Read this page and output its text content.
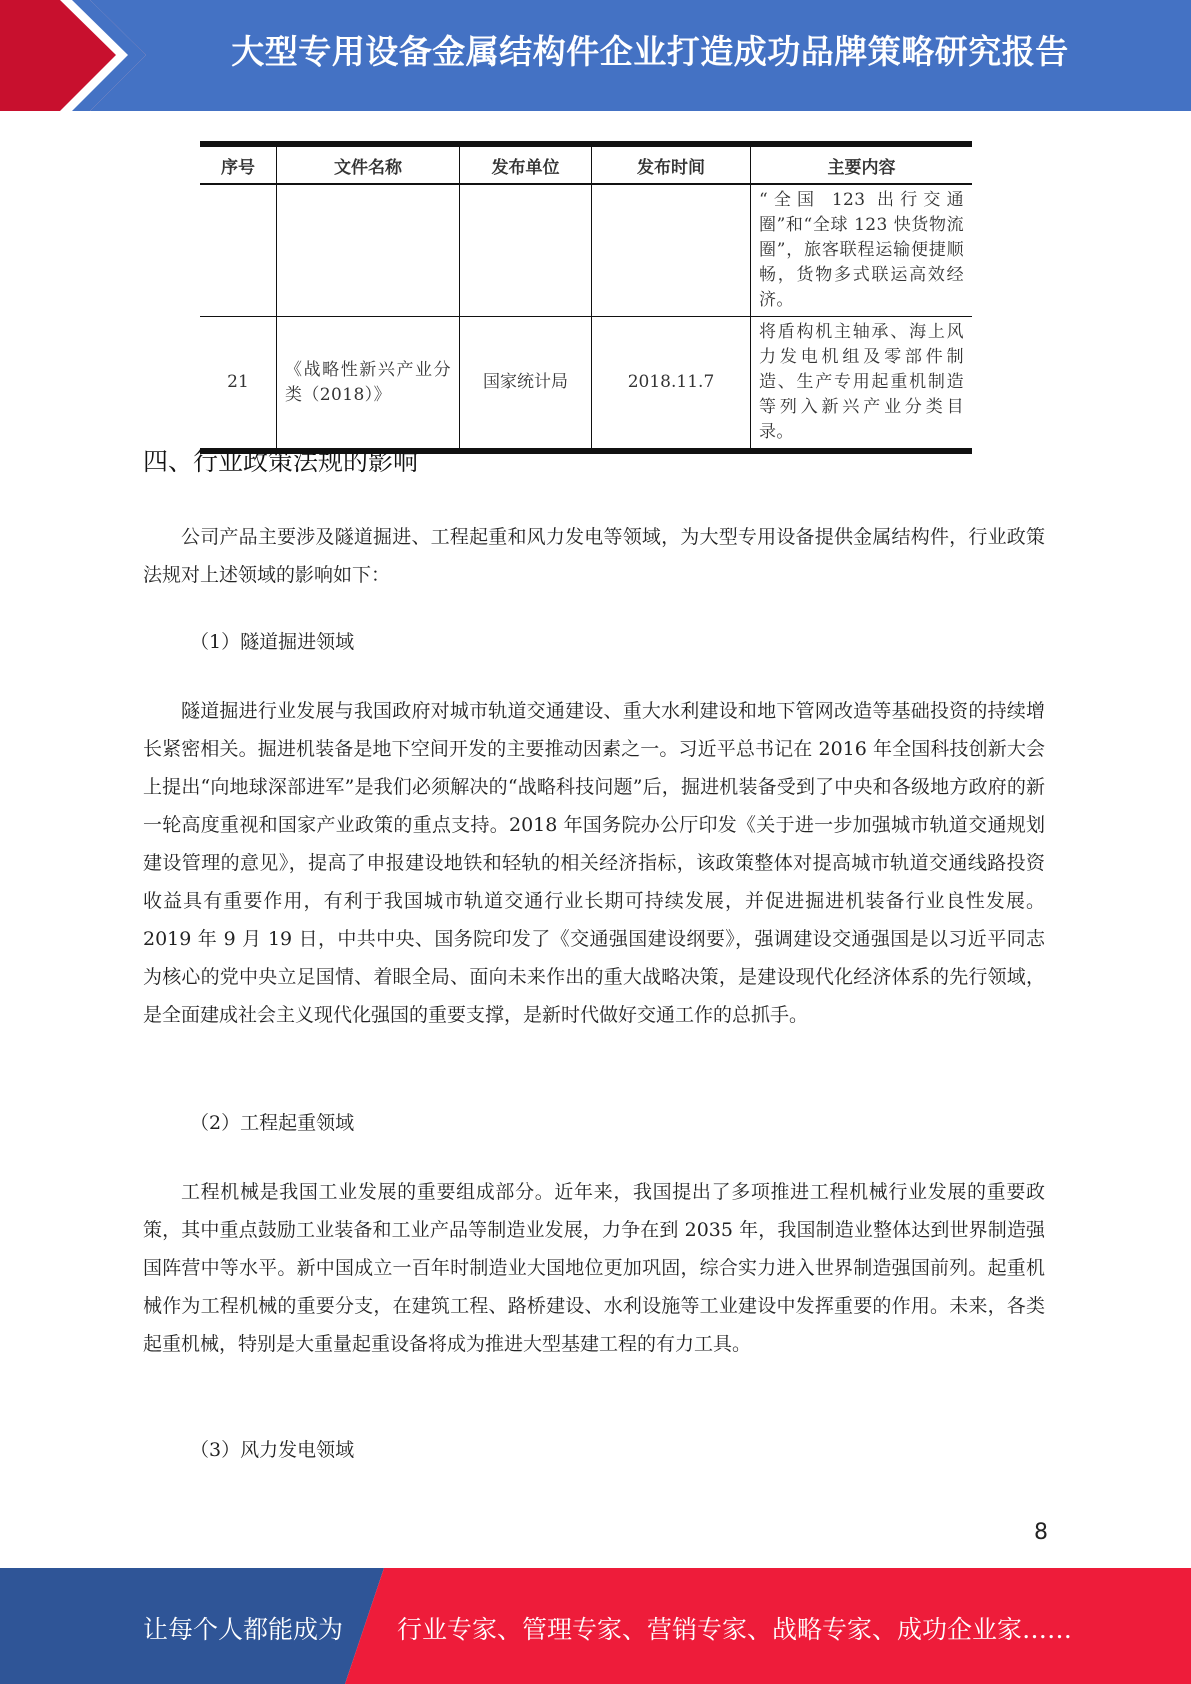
大型专用设备金属结构件企业打造成功品牌策略研究报告
序号	文件名称	发布单位	发布时间	主要内容
				“全国 123 出行交通圈”和“全球 123 快货物流圈”，旅客联程运输便捷顺畅，货物多式联运高效经济。
21	《战略性新兴产业分类（2018）》	国家统计局	2018.11.7	将盾构机主轴承、海上风力发电机组及零部件制造、生产专用起重机制造等列入新兴产业分类目录。
四、行业政策法规的影响

公司产品主要涉及隧道掘进、工程起重和风力发电等领域，为大型专用设备提供金属结构件，行业政策法规对上述领域的影响如下：

（1）隧道掘进领域

隧道掘进行业发展与我国政府对城市轨道交通建设、重大水利建设和地下管网改造等基础投资的持续增长紧密相关。掘进机装备是地下空间开发的主要推动因素之一。习近平总书记在 2016 年全国科技创新大会上提出“向地球深部进军”是我们必须解决的“战略科技问题”后，掘进机装备受到了中央和各级地方政府的新一轮高度重视和国家产业政策的重点支持。2018 年国务院办公厅印发《关于进一步加强城市轨道交通规划建设管理的意见》，提高了申报建设地铁和轻轨的相关经济指标，该政策整体对提高城市轨道交通线路投资收益具有重要作用，有利于我国城市轨道交通行业长期可持续发展，并促进掘进机装备行业良性发展。2019 年 9 月 19 日，中共中央、国务院印发了《交通强国建设纲要》，强调建设交通强国是以习近平同志为核心的党中央立足国情、着眼全局、面向未来作出的重大战略决策，是建设现代化经济体系的先行领域，是全面建成社会主义现代化强国的重要支撑，是新时代做好交通工作的总抓手。

（2）工程起重领域

工程机械是我国工业发展的重要组成部分。近年来，我国提出了多项推进工程机械行业发展的重要政策，其中重点鼓励工业装备和工业产品等制造业发展，力争在到 2035 年，我国制造业整体达到世界制造强国阵营中等水平。新中国成立一百年时制造业大国地位更加巩固，综合实力进入世界制造强国前列。起重机械作为工程机械的重要分支，在建筑工程、路桥建设、水利设施等工业建设中发挥重要的作用。未来，各类起重机械，特别是大重量起重设备将成为推进大型基建工程的有力工具。

（3）风力发电领域

8
让每个人都能成为 行业专家、管理专家、营销专家、战略专家、成功企业家……
